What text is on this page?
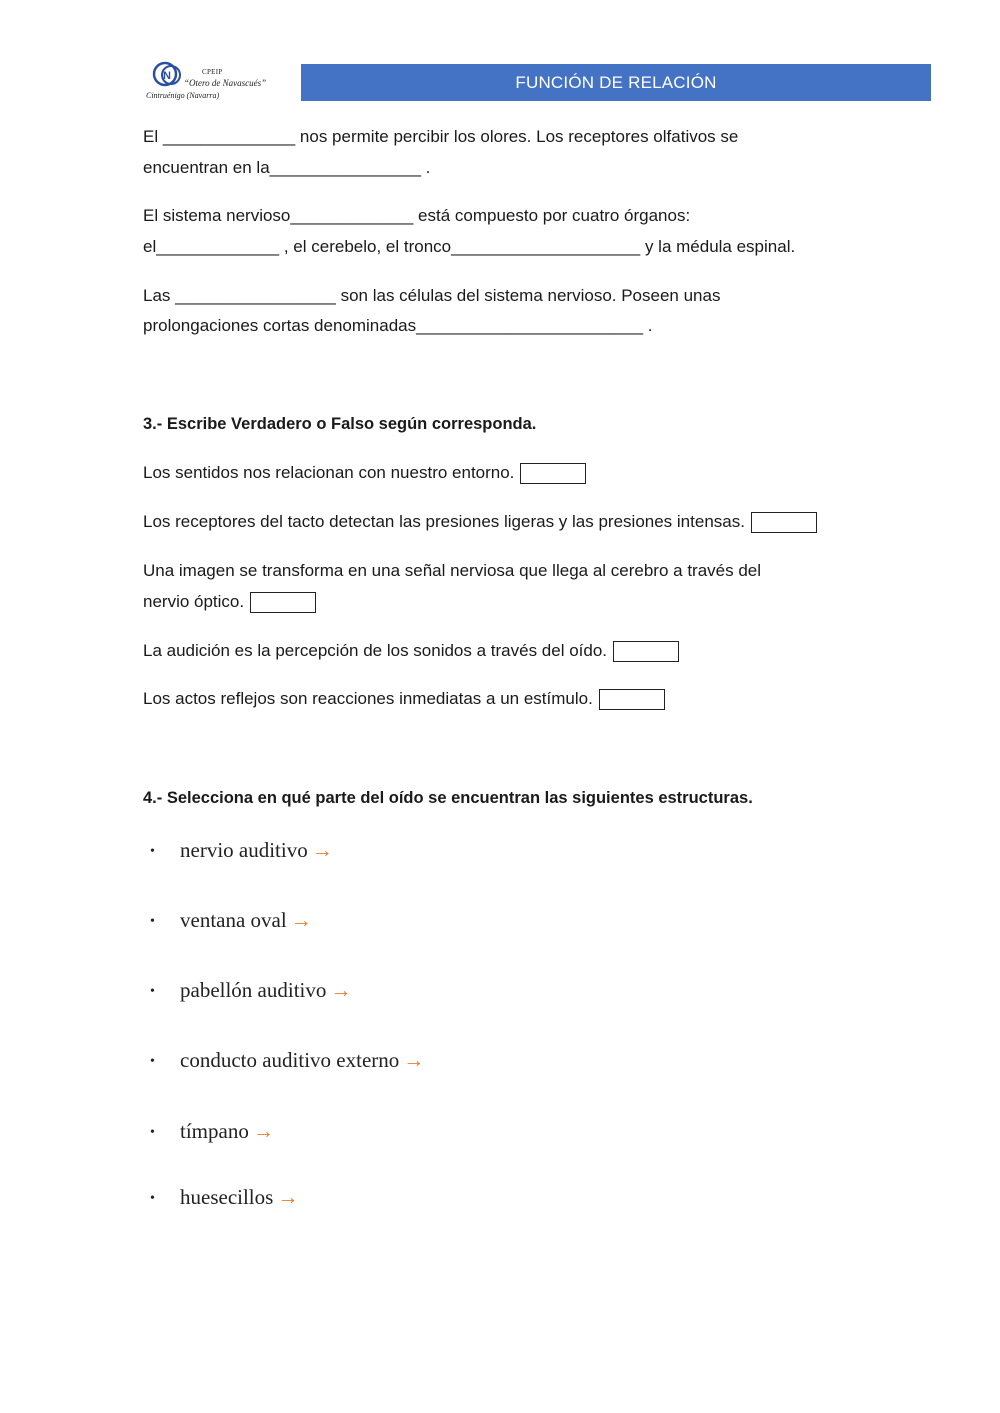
N	CPEIP
“Otero de Navascués”
Cintruénigo (Navarra)
FUNCIÓN DE RELACIÓN
El ______________ nos permite percibir los olores. Los receptores olfativos se
encuentran en la________________ .
El sistema nervioso_____________ está compuesto por cuatro órganos:
el_____________ , el cerebelo, el tronco____________________ y la médula espinal.
Las _________________ son las células del sistema nervioso. Poseen unas
prolongaciones cortas denominadas________________________ .
3.- Escribe Verdadero o Falso según corresponda.
Los sentidos nos relacionan con nuestro entorno.
Los receptores del tacto detectan las presiones ligeras y las presiones intensas.
Una imagen se transforma en una señal nerviosa que llega al cerebro a través del
nervio óptico.
La audición es la percepción de los sonidos a través del oído.
Los actos reflejos son reacciones inmediatas a un estímulo.
4.- Selecciona en qué parte del oído se encuentran las siguientes estructuras.
• nervio auditivo →
• ventana oval →
• pabellón auditivo →
• conducto auditivo externo →
• tímpano →
• huesecillos →
